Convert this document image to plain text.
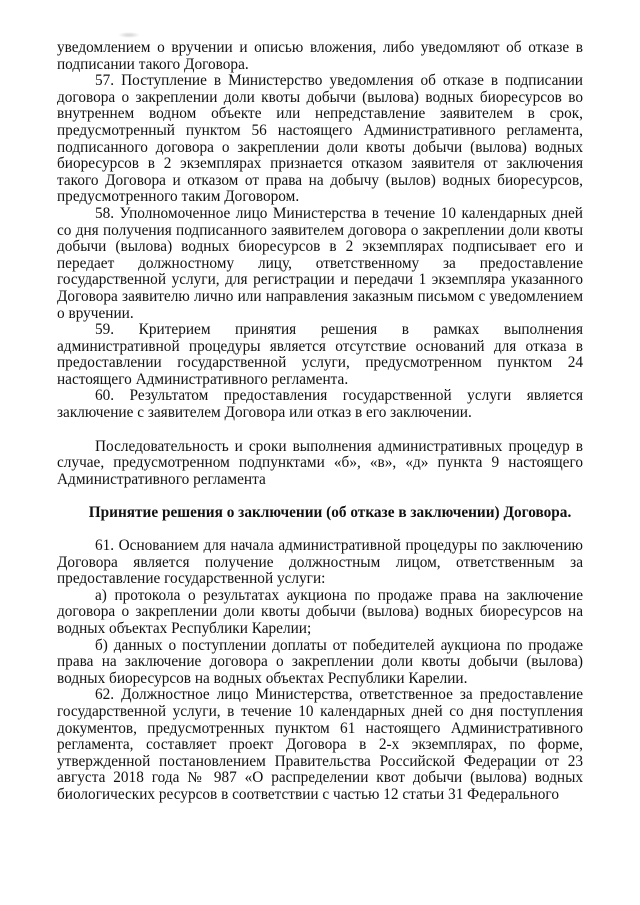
уведомлением о вручении и описью вложения, либо уведомляют об отказе в подписании такого Договора.

57. Поступление в Министерство уведомления об отказе в подписании договора о закреплении доли квоты добычи (вылова) водных биоресурсов во внутреннем водном объекте или непредставление заявителем в срок, предусмотренный пунктом 56 настоящего Административного регламента, подписанного договора о закреплении доли квоты добычи (вылова) водных биоресурсов в 2 экземплярах признается отказом заявителя от заключения такого Договора и отказом от права на добычу (вылов) водных биоресурсов, предусмотренного таким Договором.

58. Уполномоченное лицо Министерства в течение 10 календарных дней со дня получения подписанного заявителем договора о закреплении доли квоты добычи (вылова) водных биоресурсов в 2 экземплярах подписывает его и передает должностному лицу, ответственному за предоставление государственной услуги, для регистрации и передачи 1 экземпляра указанного Договора заявителю лично или направления заказным письмом с уведомлением о вручении.

59. Критерием принятия решения в рамках выполнения административной процедуры является отсутствие оснований для отказа в предоставлении государственной услуги, предусмотренном пунктом 24 настоящего Административного регламента.

60. Результатом предоставления государственной услуги является заключение с заявителем Договора или отказ в его заключении.

Последовательность и сроки выполнения административных процедур в случае, предусмотренном подпунктами «б», «в», «д» пункта 9 настоящего Административного регламента

Принятие решения о заключении (об отказе в заключении) Договора.

61. Основанием для начала административной процедуры по заключению Договора является получение должностным лицом, ответственным за предоставление государственной услуги:

а) протокола о результатах аукциона по продаже права на заключение договора о закреплении доли квоты добычи (вылова) водных биоресурсов на водных объектах Республики Карелии;

б) данных о поступлении доплаты от победителей аукциона по продаже права на заключение договора о закреплении доли квоты добычи (вылова) водных биоресурсов на водных объектах Республики Карелии.

62. Должностное лицо Министерства, ответственное за предоставление государственной услуги, в течение 10 календарных дней со дня поступления документов, предусмотренных пунктом 61 настоящего Административного регламента, составляет проект Договора в 2-х экземплярах, по форме, утвержденной постановлением Правительства Российской Федерации от 23 августа 2018 года № 987 «О распределении квот добычи (вылова) водных биологических ресурсов в соответствии с частью 12 статьи 31 Федерального
